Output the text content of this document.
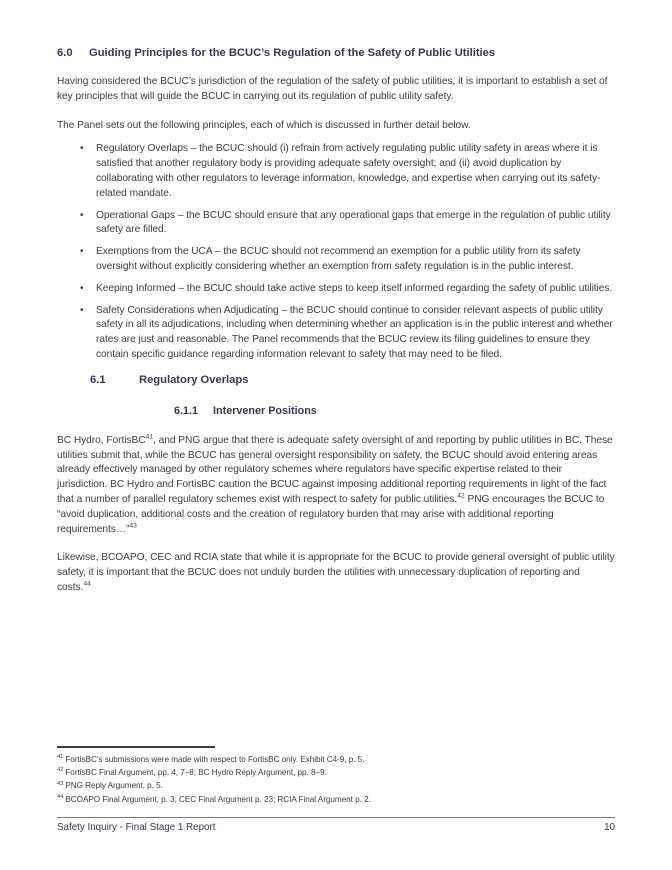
6.0	Guiding Principles for the BCUC’s Regulation of the Safety of Public Utilities

Having considered the BCUC’s jurisdiction of the regulation of the safety of public utilities, it is important to establish a set of key principles that will guide the BCUC in carrying out its regulation of public utility safety.

The Panel sets out the following principles, each of which is discussed in further detail below.

• Regulatory Overlaps – the BCUC should (i) refrain from actively regulating public utility safety in areas where it is satisfied that another regulatory body is providing adequate safety oversight; and (ii) avoid duplication by collaborating with other regulators to leverage information, knowledge, and expertise when carrying out its safety-related mandate.
• Operational Gaps – the BCUC should ensure that any operational gaps that emerge in the regulation of public utility safety are filled.
• Exemptions from the UCA – the BCUC should not recommend an exemption for a public utility from its safety oversight without explicitly considering whether an exemption from safety regulation is in the public interest.
• Keeping Informed – the BCUC should take active steps to keep itself informed regarding the safety of public utilities.
• Safety Considerations when Adjudicating – the BCUC should continue to consider relevant aspects of public utility safety in all its adjudications, including when determining whether an application is in the public interest and whether rates are just and reasonable. The Panel recommends that the BCUC review its filing guidelines to ensure they contain specific guidance regarding information relevant to safety that may need to be filed.
6.1	Regulatory Overlaps
6.1.1	Intervener Positions

BC Hydro, FortisBC$^{41}$, and PNG argue that there is adequate safety oversight of and reporting by public utilities in BC. These utilities submit that, while the BCUC has general oversight responsibility on safety, the BCUC should avoid entering areas already effectively managed by other regulatory schemes where regulators have specific expertise related to their jurisdiction. BC Hydro and FortisBC caution the BCUC against imposing additional reporting requirements in light of the fact that a number of parallel regulatory schemes exist with respect to safety for public utilities.$^{42}$ PNG encourages the BCUC to “avoid duplication, additional costs and the creation of regulatory burden that may arise with additional reporting requirements…”$^{43}$

Likewise, BCOAPO, CEC and RCIA state that while it is appropriate for the BCUC to provide general oversight of public utility safety, it is important that the BCUC does not unduly burden the utilities with unnecessary duplication of reporting and costs.$^{44}$

$^{41}$ FortisBC’s submissions were made with respect to FortisBC only. Exhibit C4-9, p. 5.
$^{42}$ FortisBC Final Argument, pp. 4, 7–8; BC Hydro Reply Argument, pp. 8–9.
$^{43}$ PNG Reply Argument, p. 5.
$^{44}$ BCOAPO Final Argument, p. 3; CEC Final Argument p. 23; RCIA Final Argument p. 2.
Safety Inquiry - Final Stage 1 Report	10
